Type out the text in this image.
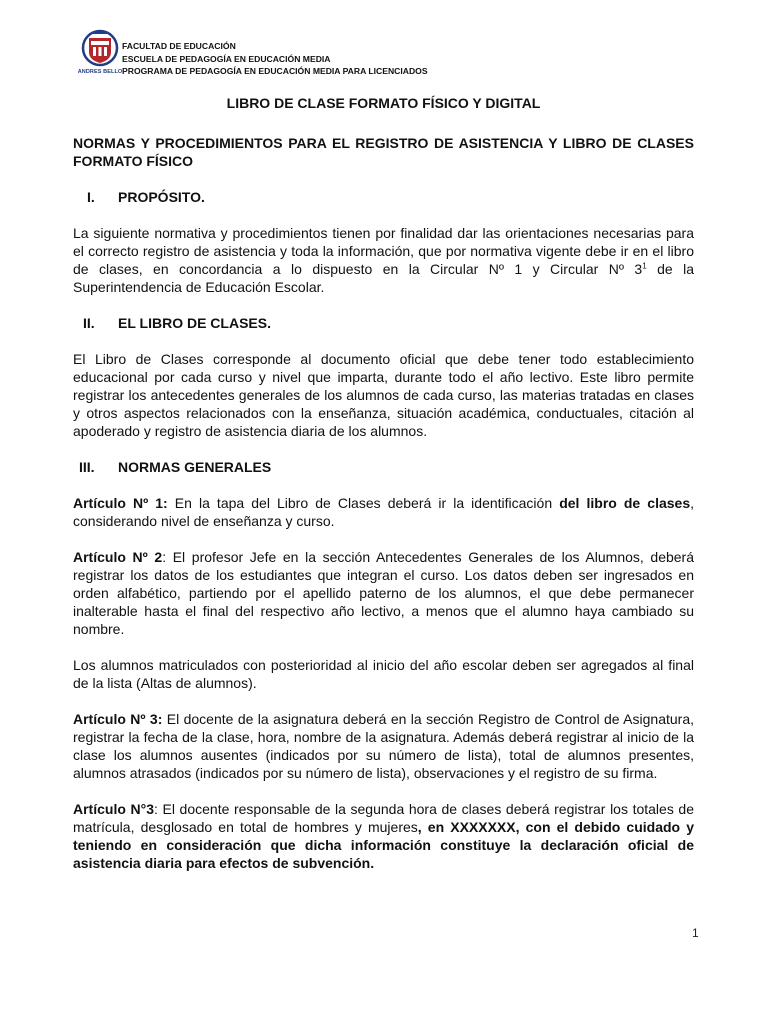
ANDRES BELLO
FACULTAD DE EDUCACIÓN
ESCUELA DE PEDAGOGÍA EN EDUCACIÓN MEDIA
PROGRAMA DE PEDAGOGÍA EN EDUCACIÓN MEDIA PARA LICENCIADOS
LIBRO DE CLASE FORMATO FÍSICO Y DIGITAL
NORMAS Y PROCEDIMIENTOS PARA EL REGISTRO DE ASISTENCIA Y LIBRO DE CLASES FORMATO FÍSICO
I.	PROPÓSITO.

La siguiente normativa y procedimientos tienen por finalidad dar las orientaciones necesarias para el correcto registro de asistencia y toda la información, que por normativa vigente debe ir en el libro de clases, en concordancia a lo dispuesto en la Circular Nº 1 y Circular Nº 3$^1$ de la Superintendencia de Educación Escolar.

II.	EL LIBRO DE CLASES.

El Libro de Clases corresponde al documento oficial que debe tener todo establecimiento educacional por cada curso y nivel que imparta, durante todo el año lectivo. Este libro permite registrar los antecedentes generales de los alumnos de cada curso, las materias tratadas en clases y otros aspectos relacionados con la enseñanza, situación académica, conductuales, citación al apoderado y registro de asistencia diaria de los alumnos.

III.	NORMAS GENERALES

Artículo Nº 1: En la tapa del Libro de Clases deberá ir la identificación del libro de clases, considerando nivel de enseñanza y curso.

Artículo Nº 2: El profesor Jefe en la sección Antecedentes Generales de los Alumnos, deberá registrar los datos de los estudiantes que integran el curso. Los datos deben ser ingresados en orden alfabético, partiendo por el apellido paterno de los alumnos, el que debe permanecer inalterable hasta el final del respectivo año lectivo, a menos que el alumno haya cambiado su nombre.

Los alumnos matriculados con posterioridad al inicio del año escolar deben ser agregados al final de la lista (Altas de alumnos).

Artículo Nº 3: El docente de la asignatura deberá en la sección Registro de Control de Asignatura, registrar la fecha de la clase, hora, nombre de la asignatura. Además deberá registrar al inicio de la clase los alumnos ausentes (indicados por su número de lista), total de alumnos presentes, alumnos atrasados (indicados por su número de lista), observaciones y el registro de su firma.

Artículo N°3: El docente responsable de la segunda hora de clases deberá registrar los totales de matrícula, desglosado en total de hombres y mujeres, en XXXXXXX, con el debido cuidado y teniendo en consideración que dicha información constituye la declaración oficial de asistencia diaria para efectos de subvención.

1
